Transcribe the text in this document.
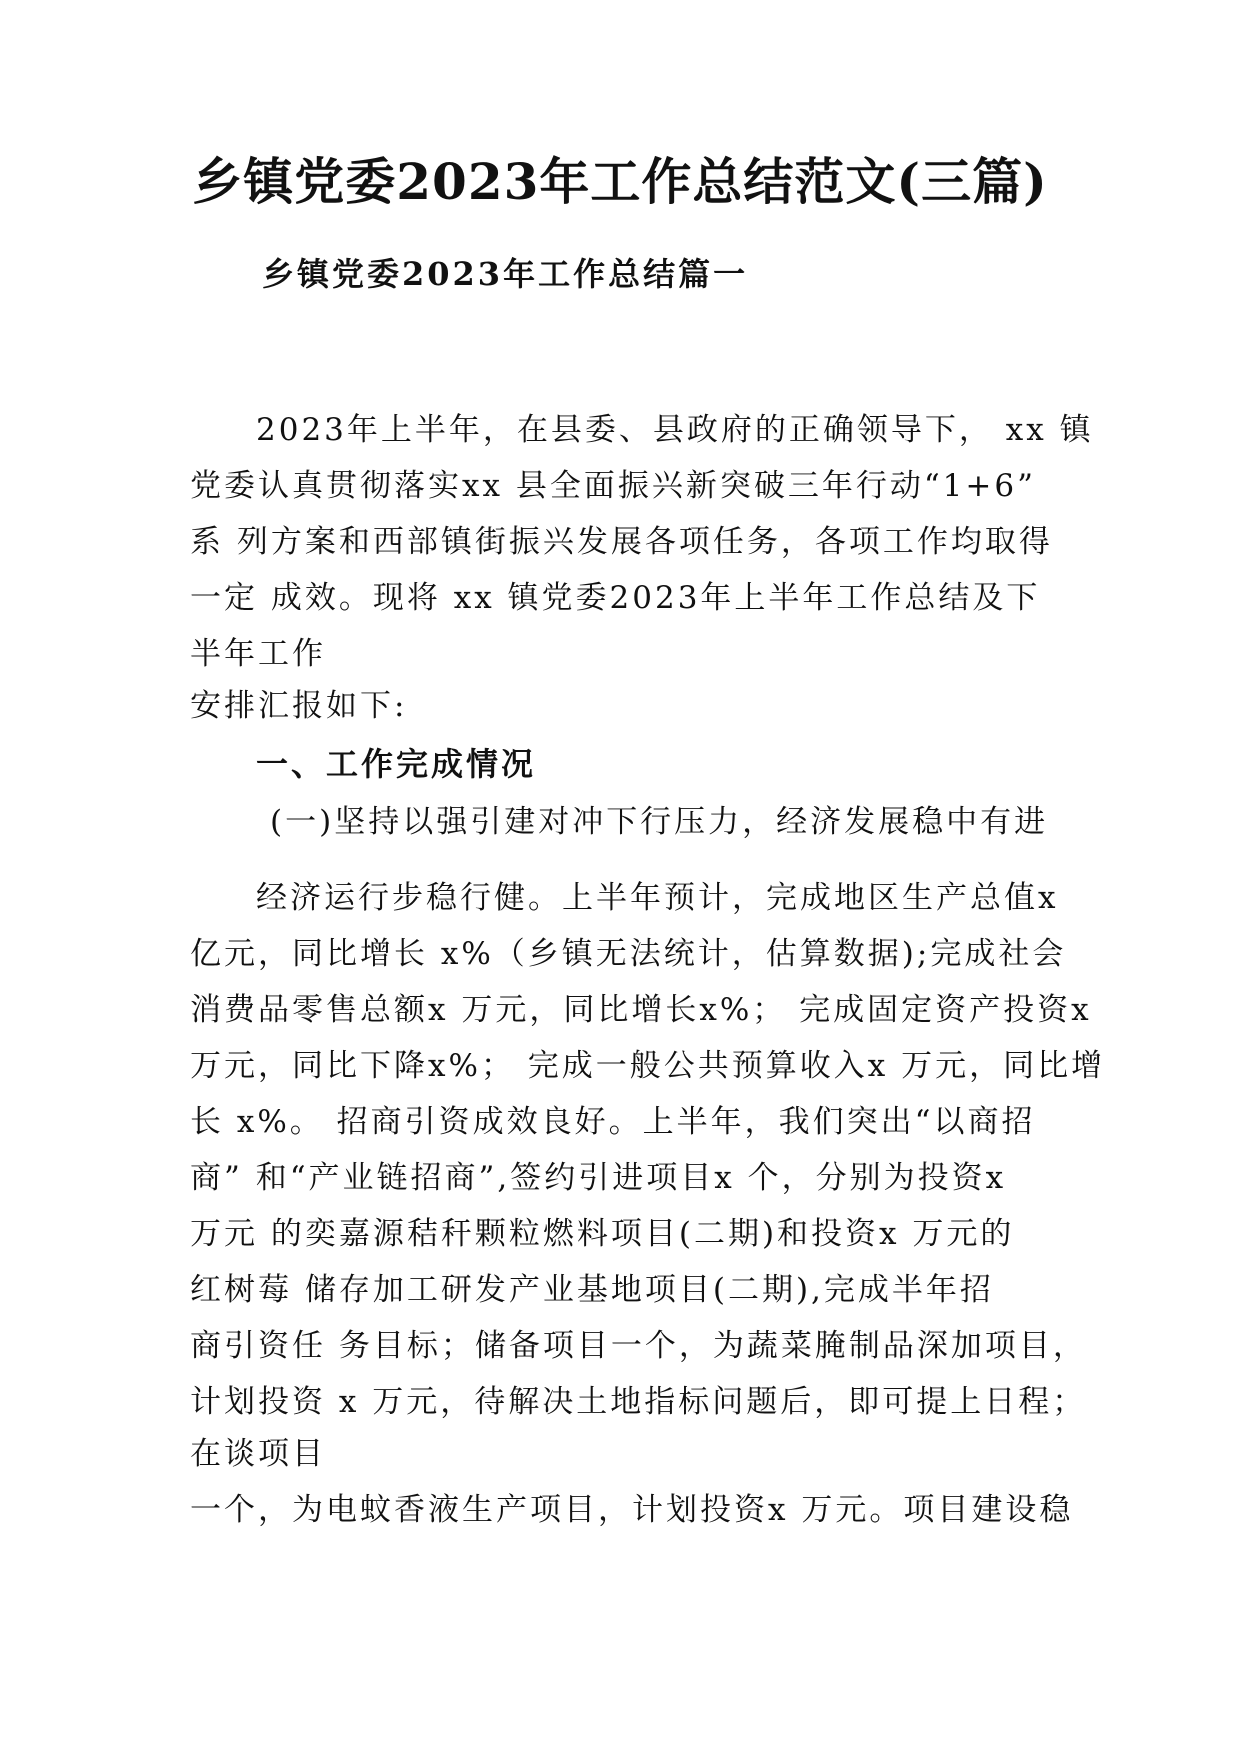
乡镇党委2023年工作总结范文(三篇)
乡镇党委2023年工作总结篇一
2023年上半年，在县委、县政府的正确领导下， xx 镇
党委认真贯彻落实xx 县全面振兴新突破三年行动“1+6”
系 列方案和西部镇街振兴发展各项任务，各项工作均取得
一定 成效。现将 xx 镇党委2023年上半年工作总结及下
半年工作
安排汇报如下:
一、工作完成情况
(一)坚持以强引建对冲下行压力，经济发展稳中有进
经济运行步稳行健。上半年预计，完成地区生产总值x
亿元，同比增长 x%（乡镇无法统计，估算数据);完成社会
消费品零售总额x 万元，同比增长x%； 完成固定资产投资x
万元，同比下降x%； 完成一般公共预算收入x 万元，同比增
长 x%。 招商引资成效良好。上半年，我们突出“以商招
商” 和“产业链招商”,签约引进项目x 个，分别为投资x
万元 的奕嘉源秸秆颗粒燃料项目(二期)和投资x 万元的
红树莓 储存加工研发产业基地项目(二期),完成半年招
商引资任 务目标；储备项目一个，为蔬菜腌制品深加项目，
计划投资 x 万元，待解决土地指标问题后，即可提上日程；
在谈项目
一个，为电蚊香液生产项目，计划投资x 万元。项目建设稳
